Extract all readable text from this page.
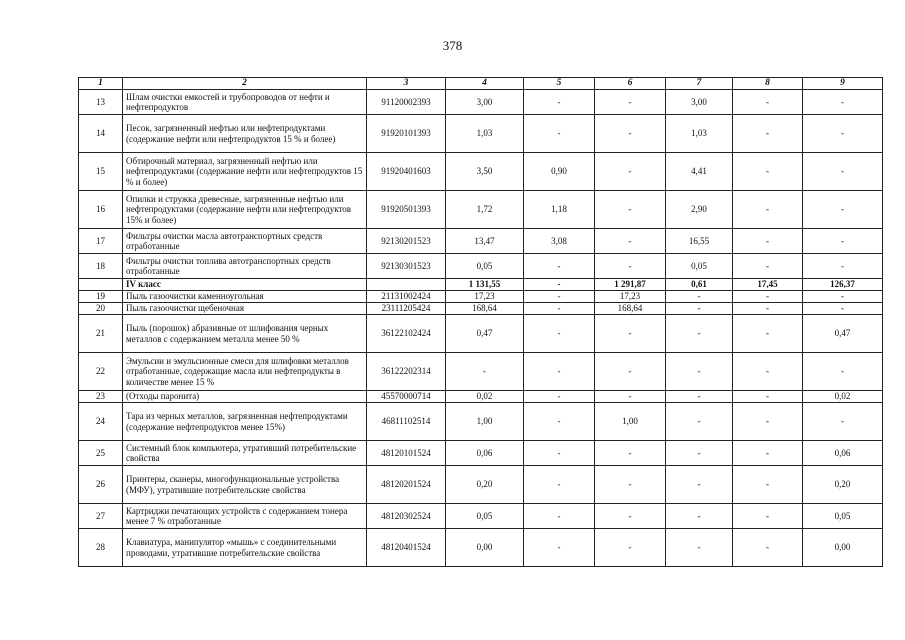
378
1	2	3	4	5	6	7	8	9
13	Шлам очистки емкостей и трубопроводов от нефти и нефтепродуктов	91120002393	3,00	-	-	3,00	-	-
14	Песок, загрязненный нефтью или нефтепродуктами (содержание нефти или нефтепродуктов 15 % и более)	91920101393	1,03	-	-	1,03	-	-
15	Обтирочный материал, загрязненный нефтью или нефтепродуктами (содержание нефти или нефтепродуктов 15 % и более)	91920401603	3,50	0,90	-	4,41	-	-
16	Опилки и стружка древесные, загрязненные нефтью или нефтепродуктами (содержание нефти или нефтепродуктов 15% и более)	91920501393	1,72	1,18	-	2,90	-	-
17	Фильтры очистки масла автотранспортных средств отработанные	92130201523	13,47	3,08	-	16,55	-	-
18	Фильтры очистки топлива автотранспортных средств отработанные	92130301523	0,05	-	-	0,05	-	-
	IV класс		1 131,55	-	1 291,87	0,61	17,45	126,37
19	Пыль газоочистки каменноугольная	21131002424	17,23	-	17,23	-	-	-
20	Пыль газоочистки щебеночная	23111205424	168,64	-	168,64	-	-	-
21	Пыль (порошок) абразивные от шлифования черных металлов с содержанием металла менее 50 %	36122102424	0,47	-	-	-	-	0,47
22	Эмульсии и эмульсионные смеси для шлифовки металлов отработанные, содержащие масла или нефтепродукты в количестве менее 15 %	36122202314	-	-	-	-	-	-
23	(Отходы паронита)	45570000714	0,02	-	-	-	-	0,02
24	Тара из черных металлов, загрязненная нефтепродуктами (содержание нефтепродуктов менее 15%)	46811102514	1,00	-	1,00	-	-	-
25	Системный блок компьютера, утративший потребительские свойства	48120101524	0,06	-	-	-	-	0,06
26	Принтеры, сканеры, многофункциональные устройства (МФУ), утратившие потребительские свойства	48120201524	0,20	-	-	-	-	0,20
27	Картриджи печатающих устройств с содержанием тонера менее 7 % отработанные	48120302524	0,05	-	-	-	-	0,05
28	Клавиатура, манипулятор «мышь» с соединительными проводами, утратившие потребительские свойства	48120401524	0,00	-	-	-	-	0,00
